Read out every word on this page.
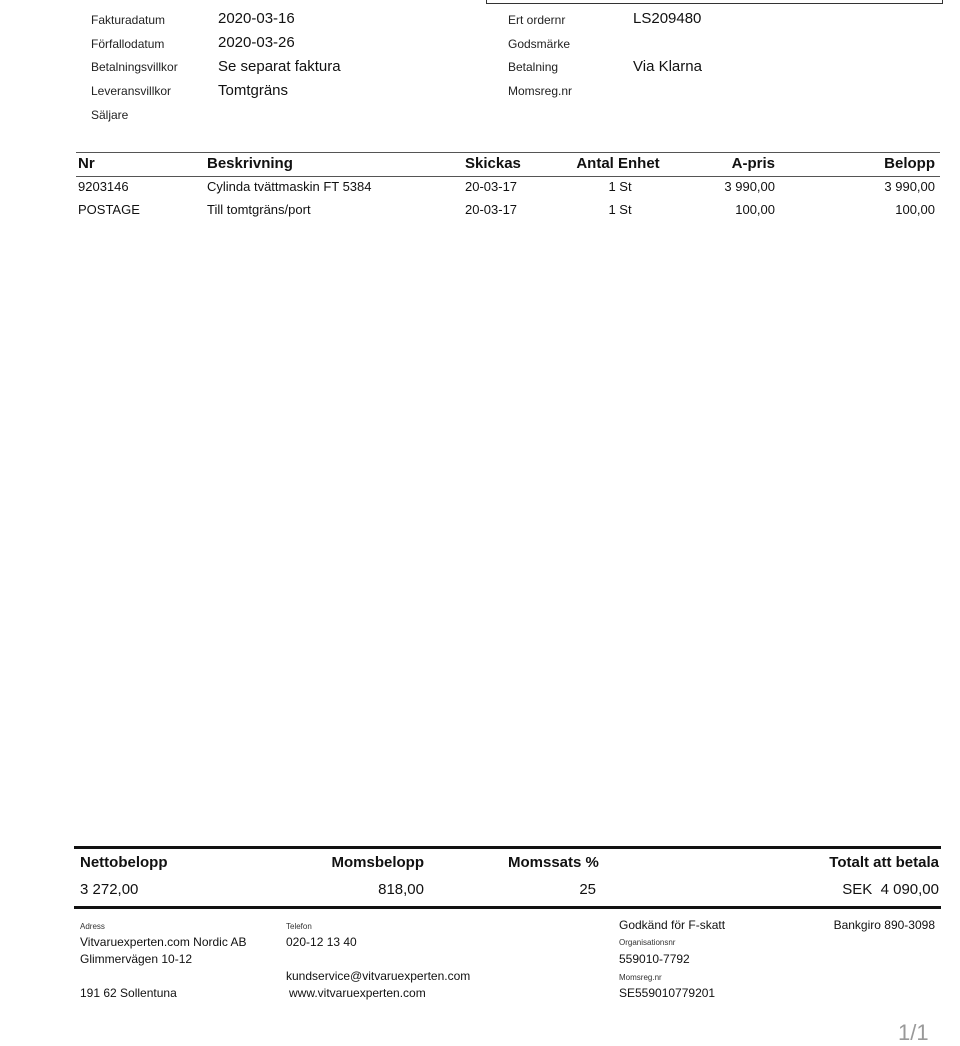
Fakturadatum	2020-03-16
Förfallodatum	2020-03-26
Betalningsvillkor	Se separat faktura
Leveransvillkor	Tomtgräns
Säljare
Ert ordernr	LS209480
Godsmärke
Betalning	Via Klarna
Momsreg.nr
Nr	Beskrivning	Skickas	Antal Enhet	A-pris	Belopp
9203146	Cylinda tvättmaskin FT 5384	20-03-17	1 St	3 990,00	3 990,00
POSTAGE	Till tomtgräns/port	20-03-17	1 St	100,00	100,00
Nettobelopp	Momsbelopp	Momssats %	Totalt att betala
3 272,00	818,00	25	SEK  4 090,00
Adress
Vitvaruexperten.com Nordic AB
Glimmervägen 10-12
191 62 Sollentuna
Telefon
020-12 13 40
kundservice@vitvaruexperten.com
www.vitvaruexperten.com
Godkänd för F-skatt
Organisationsnr
559010-7792
Momsreg.nr
SE559010779201
Bankgiro 890-3098
1/1
